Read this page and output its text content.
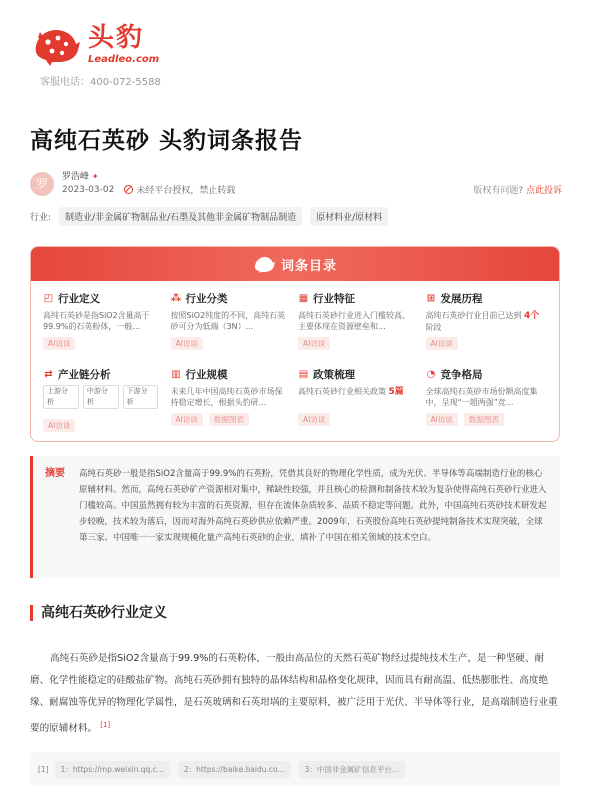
头豹
Leadleo.com
客服电话：400-072-5588
高纯石英砂 头豹词条报告
罗	罗浩峰 ✦
2023-03-02 未经平台授权，禁止转载	版权有问题? 点此投诉
行业:	制造业/非金属矿物制品业/石墨及其他非金属矿物制品制造	原材料业/原材料
词条目录
◰ 行业定义
高纯石英砂是指SiO2含量高于99.9%的石英粉体，一般...
AI访谈
⁂ 行业分类
按照SiO2纯度的不同，高纯石英砂可分为低端（3N）...
AI访谈
▦ 行业特征
高纯石英砂行业进入门槛较高、主要体现在资源壁垒和...
AI访谈
⊞ 发展历程
高纯石英砂行业目前已达到 4个阶段
AI访谈
⇄ 产业链分析
上游分析
中游分析
下游分析
AI访谈
▥ 行业规模
未来几年中国高纯石英砂市场保持稳定增长，根据头豹研...
AI访谈	数据图表
▤ 政策梳理
高纯石英砂行业相关政策 5篇
AI访谈
◔ 竞争格局
全球高纯石英砂市场份额高度集中，呈现“一超两强”竞...
AI访谈	数据图表
摘要	高纯石英砂一般是指SiO2含量高于99.9%的石英粉，凭借其良好的物理化学性质，成为光伏、半导体等高端制造行业的核心原辅材料。然而，高纯石英砂矿产资源相对集中，稀缺性较强，并且核心的检测和制备技术较为复杂使得高纯石英砂行业进入门槛较高。中国虽然拥有较为丰富的石英资源，但存在流体杂质较多、品质不稳定等问题。此外，中国高纯石英砂技术研发起步较晚，技术较为落后，因而对海外高纯石英砂供应依赖严重。2009年，石英股份高纯石英砂提纯制备技术实现突破，全球第三家、中国唯一一家实现规模化量产高纯石英砂的企业，填补了中国在相关领域的技术空白。
高纯石英砂行业定义

高纯石英砂是指SiO2含量高于99.9%的石英粉体，一般由高品位的天然石英矿物经过提纯技术生产，是一种坚硬、耐磨、化学性能稳定的硅酸盐矿物。高纯石英砂拥有独特的晶体结构和晶格变化规律，因而具有耐高温、低热膨胀性、高度绝缘、耐腐蚀等优异的物理化学属性，是石英玻璃和石英坩埚的主要原料，被广泛用于光伏、半导体等行业，是高端制造行业重要的原辅材料。 [1]

[1]	1：https://mp.weixin.qq.c...	2：https://baike.baidu.co...	3：中国非金属矿信息平台...
